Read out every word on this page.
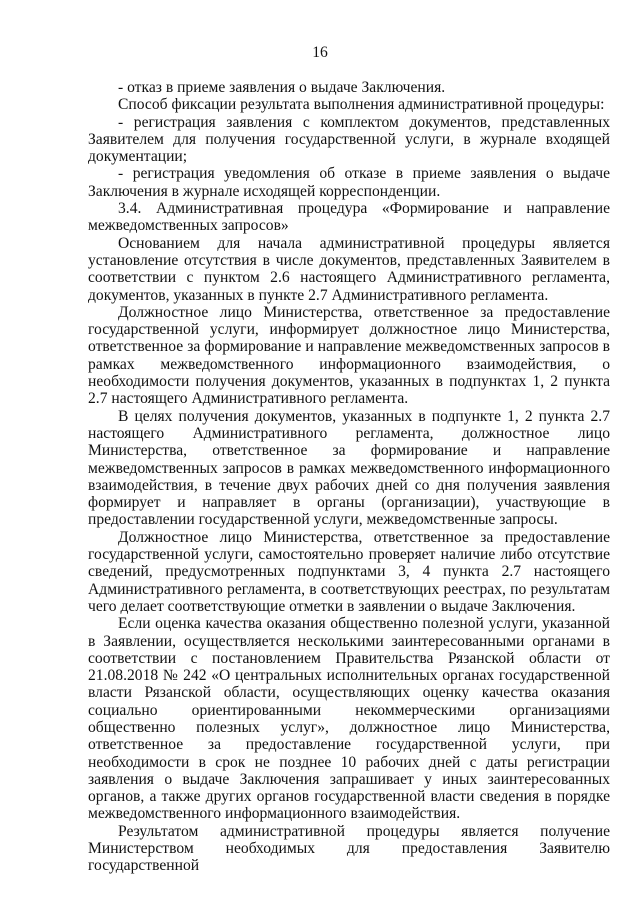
16

- отказ в приеме заявления о выдаче Заключения.

Способ фиксации результата выполнения административной процедуры:

- регистрация заявления с комплектом документов, представленных Заявителем для получения государственной услуги, в журнале входящей документации;

- регистрация уведомления об отказе в приеме заявления о выдаче Заключения в журнале исходящей корреспонденции.

3.4. Административная процедура «Формирование и направление межведомственных запросов»

Основанием для начала административной процедуры является установление отсутствия в числе документов, представленных Заявителем в соответствии с пунктом 2.6 настоящего Административного регламента, документов, указанных в пункте 2.7 Административного регламента.

Должностное лицо Министерства, ответственное за предоставление государственной услуги, информирует должностное лицо Министерства, ответственное за формирование и направление межведомственных запросов в рамках межведомственного информационного взаимодействия, о необходимости получения документов, указанных в подпунктах 1, 2 пункта 2.7 настоящего Административного регламента.

В целях получения документов, указанных в подпункте 1, 2 пункта 2.7 настоящего Административного регламента, должностное лицо Министерства, ответственное за формирование и направление межведомственных запросов в рамках межведомственного информационного взаимодействия, в течение двух рабочих дней со дня получения заявления формирует и направляет в органы (организации), участвующие в предоставлении государственной услуги, межведомственные запросы.

Должностное лицо Министерства, ответственное за предоставление государственной услуги, самостоятельно проверяет наличие либо отсутствие сведений, предусмотренных подпунктами 3, 4 пункта 2.7 настоящего Административного регламента, в соответствующих реестрах, по результатам чего делает соответствующие отметки в заявлении о выдаче Заключения.

Если оценка качества оказания общественно полезной услуги, указанной в Заявлении, осуществляется несколькими заинтересованными органами в соответствии с постановлением Правительства Рязанской области от 21.08.2018 № 242 «О центральных исполнительных органах государственной власти Рязанской области, осуществляющих оценку качества оказания социально ориентированными некоммерческими организациями общественно полезных услуг», должностное лицо Министерства, ответственное за предоставление государственной услуги, при необходимости в срок не позднее 10 рабочих дней с даты регистрации заявления о выдаче Заключения запрашивает у иных заинтересованных органов, а также других органов государственной власти сведения в порядке межведомственного информационного взаимодействия.

Результатом административной процедуры является получение Министерством необходимых для предоставления Заявителю государственной
